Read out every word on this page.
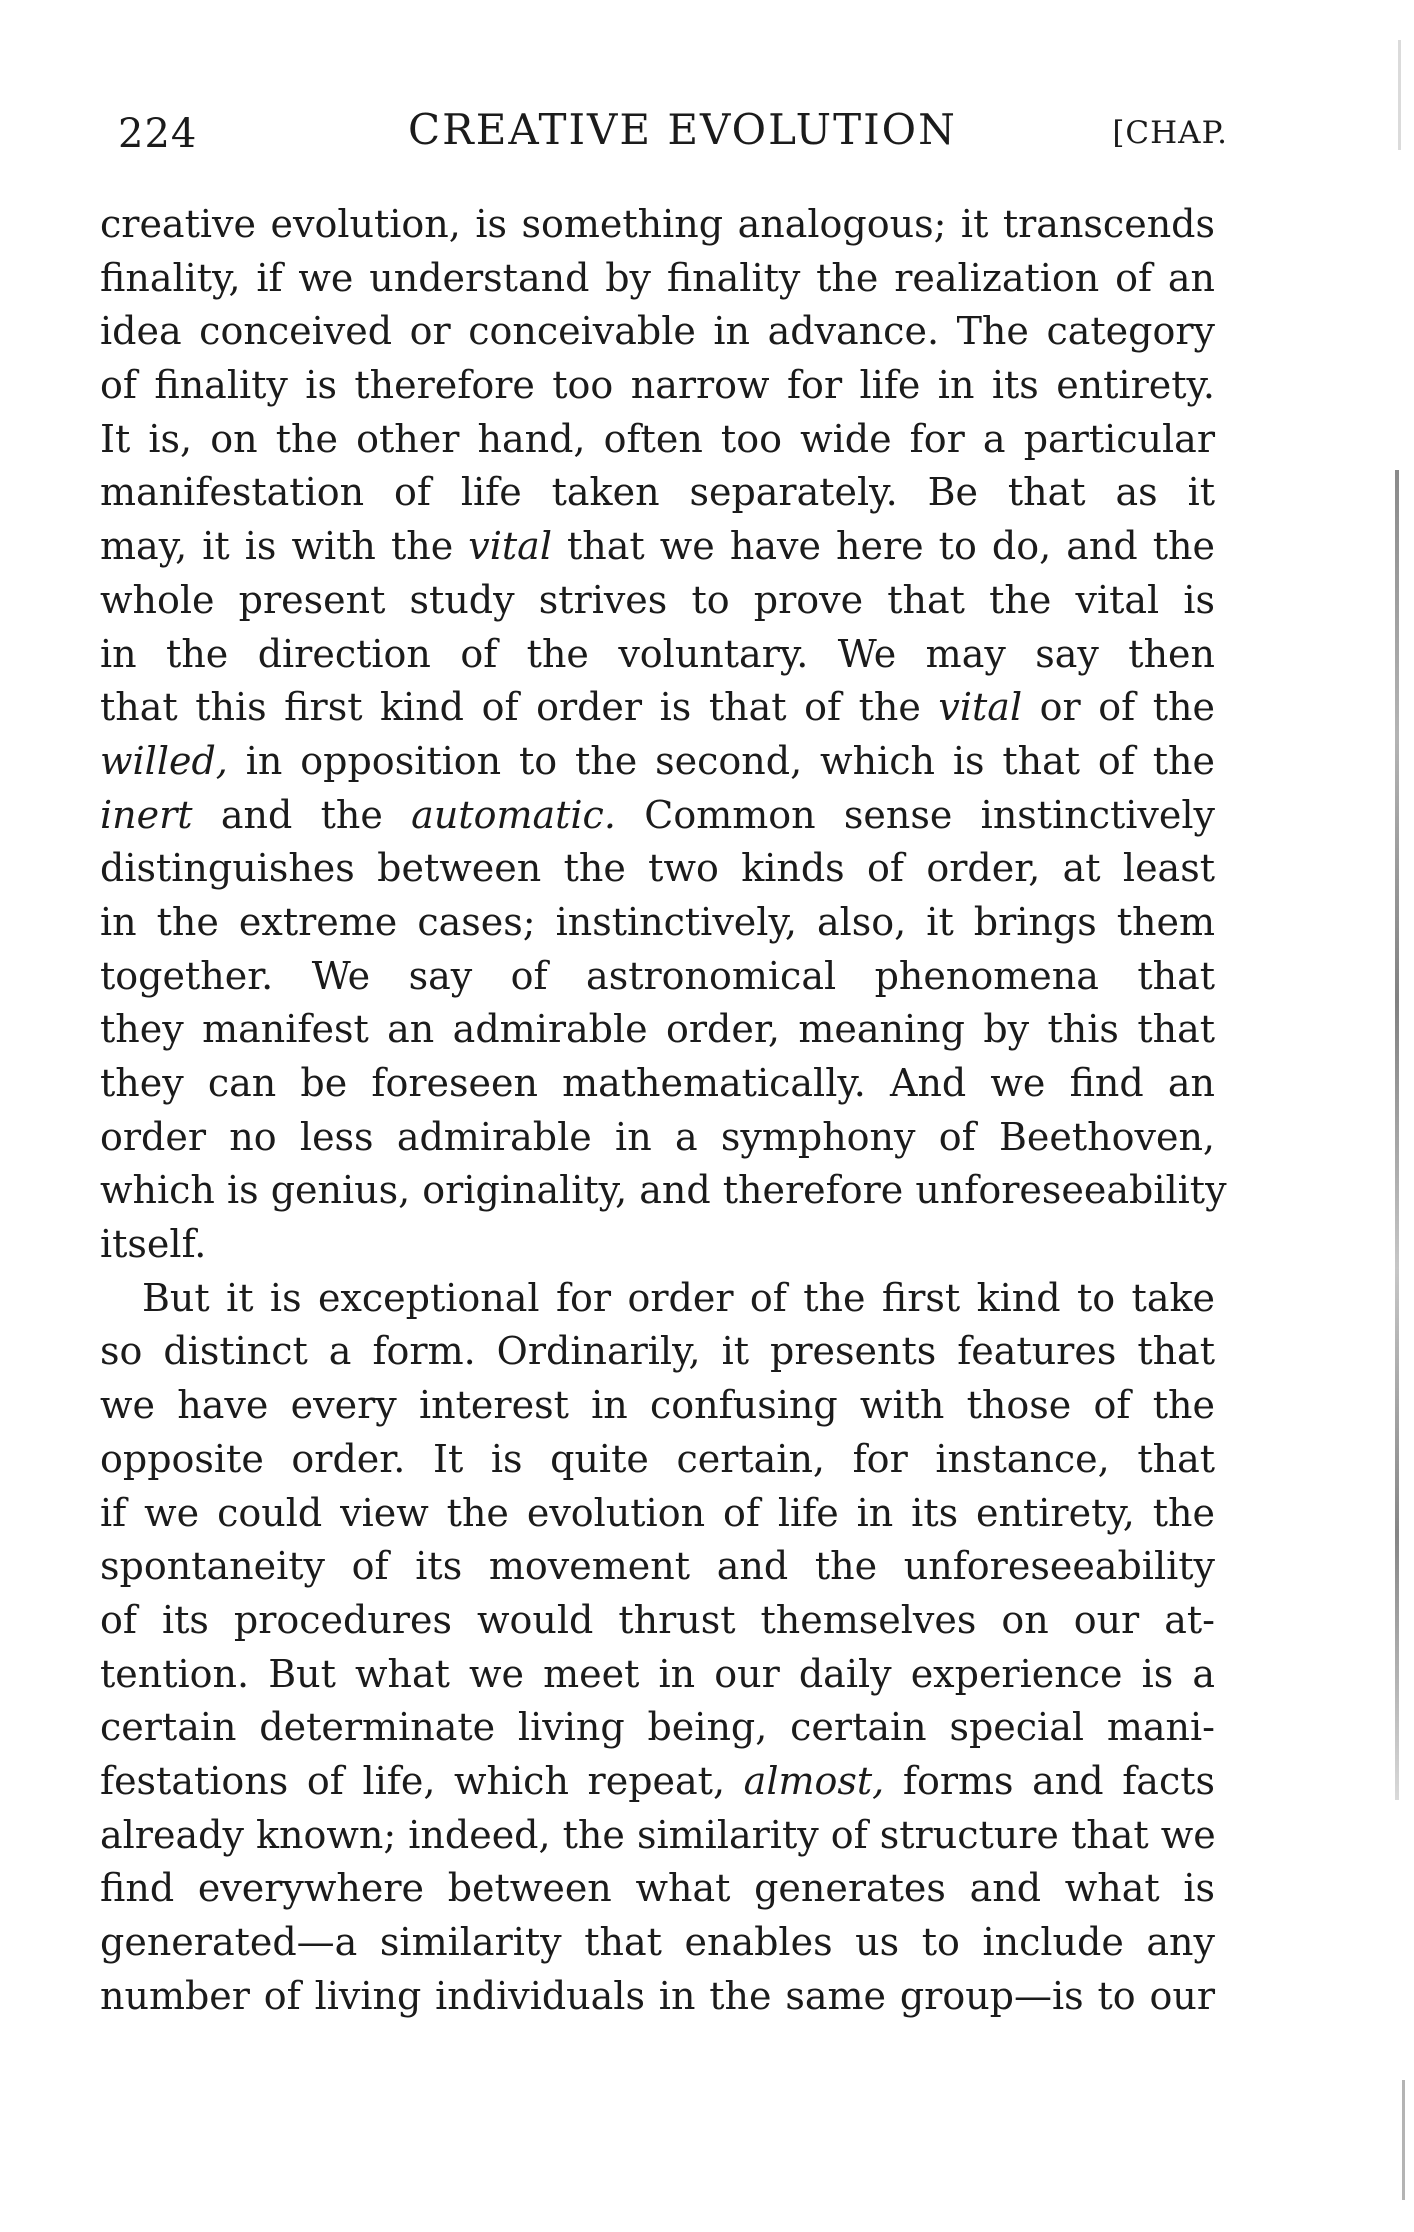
224	CREATIVE EVOLUTION	[CHAP.
creative evolution, is something analogous; it transcends
finality, if we understand by finality the realization of an
idea conceived or conceivable in advance. The category
of finality is therefore too narrow for life in its entirety.
It is, on the other hand, often too wide for a particular
manifestation of life taken separately. Be that as it
may, it is with the vital that we have here to do, and the
whole present study strives to prove that the vital is
in the direction of the voluntary. We may say then
that this first kind of order is that of the vital or of the
willed, in opposition to the second, which is that of the
inert and the automatic. Common sense instinctively
distinguishes between the two kinds of order, at least
in the extreme cases; instinctively, also, it brings them
together. We say of astronomical phenomena that
they manifest an admirable order, meaning by this that
they can be foreseen mathematically. And we find an
order no less admirable in a symphony of Beethoven,
which is genius, originality, and therefore unforeseeability
itself.
But it is exceptional for order of the first kind to take
so distinct a form. Ordinarily, it presents features that
we have every interest in confusing with those of the
opposite order. It is quite certain, for instance, that
if we could view the evolution of life in its entirety, the
spontaneity of its movement and the unforeseeability
of its procedures would thrust themselves on our at-
tention. But what we meet in our daily experience is a
certain determinate living being, certain special mani-
festations of life, which repeat, almost, forms and facts
already known; indeed, the similarity of structure that we
find everywhere between what generates and what is
generated—a similarity that enables us to include any
number of living individuals in the same group—is to our
